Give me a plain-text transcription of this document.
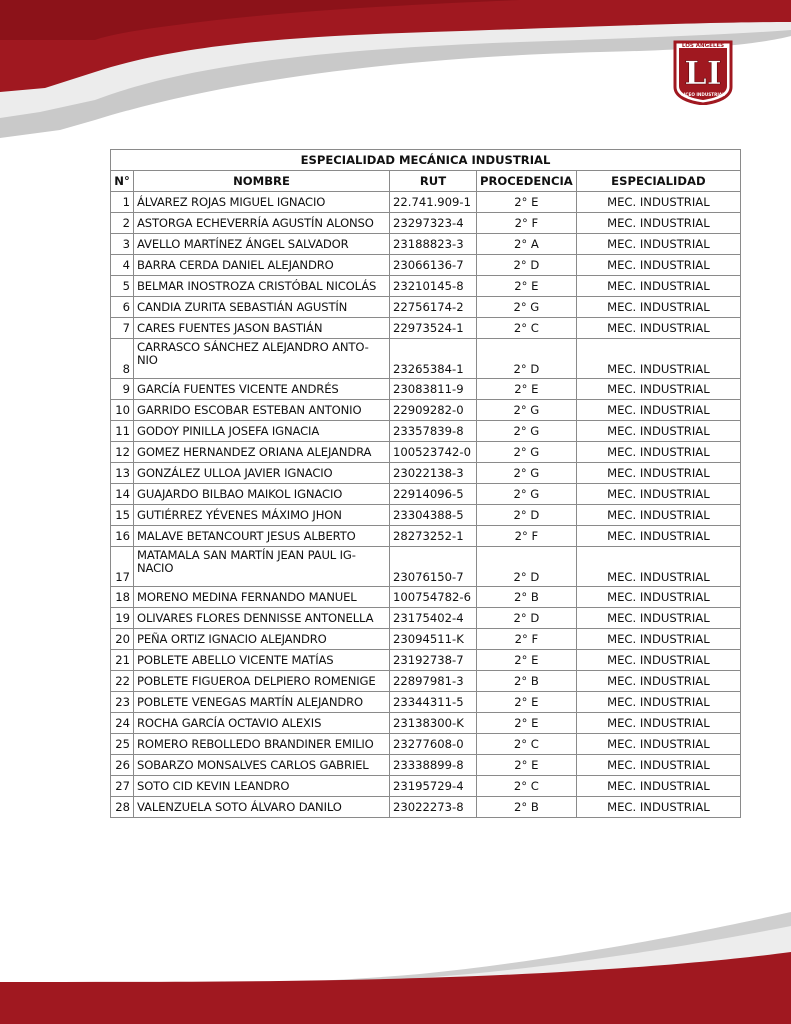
LOS ANGELES
LI
LICEO INDUSTRIAL
ESPECIALIDAD MECÁNICA INDUSTRIAL				
N°	NOMBRE	RUT	PROCEDENCIA	ESPECIALIDAD
1	ÁLVAREZ ROJAS MIGUEL IGNACIO	22.741.909-1	2° E	MEC. INDUSTRIAL
2	ASTORGA ECHEVERRÍA AGUSTÍN ALONSO	23297323-4	2° F	MEC. INDUSTRIAL
3	AVELLO MARTÍNEZ ÁNGEL SALVADOR	23188823-3	2° A	MEC. INDUSTRIAL
4	BARRA CERDA DANIEL ALEJANDRO	23066136-7	2° D	MEC. INDUSTRIAL
5	BELMAR INOSTROZA CRISTÓBAL NICOLÁS	23210145-8	2° E	MEC. INDUSTRIAL
6	CANDIA ZURITA SEBASTIÁN AGUSTÍN	22756174-2	2° G	MEC. INDUSTRIAL
7	CARES FUENTES JASON BASTIÁN	22973524-1	2° C	MEC. INDUSTRIAL
8	CARRASCO SÁNCHEZ ALEJANDRO ANTO-NIO	23265384-1	2° D	MEC. INDUSTRIAL
9	GARCÍA FUENTES VICENTE ANDRÉS	23083811-9	2° E	MEC. INDUSTRIAL
10	GARRIDO ESCOBAR ESTEBAN ANTONIO	22909282-0	2° G	MEC. INDUSTRIAL
11	GODOY PINILLA JOSEFA IGNACIA	23357839-8	2° G	MEC. INDUSTRIAL
12	GOMEZ HERNANDEZ ORIANA ALEJANDRA	100523742-0	2° G	MEC. INDUSTRIAL
13	GONZÁLEZ ULLOA JAVIER IGNACIO	23022138-3	2° G	MEC. INDUSTRIAL
14	GUAJARDO BILBAO MAIKOL IGNACIO	22914096-5	2° G	MEC. INDUSTRIAL
15	GUTIÉRREZ YÉVENES MÁXIMO JHON	23304388-5	2° D	MEC. INDUSTRIAL
16	MALAVE BETANCOURT JESUS ALBERTO	28273252-1	2° F	MEC. INDUSTRIAL
17	MATAMALA SAN MARTÍN JEAN PAUL IG-NACIO	23076150-7	2° D	MEC. INDUSTRIAL
18	MORENO MEDINA FERNANDO MANUEL	100754782-6	2° B	MEC. INDUSTRIAL
19	OLIVARES FLORES DENNISSE ANTONELLA	23175402-4	2° D	MEC. INDUSTRIAL
20	PEÑA ORTIZ IGNACIO ALEJANDRO	23094511-K	2° F	MEC. INDUSTRIAL
21	POBLETE ABELLO VICENTE MATÍAS	23192738-7	2° E	MEC. INDUSTRIAL
22	POBLETE FIGUEROA DELPIERO ROMENIGE	22897981-3	2° B	MEC. INDUSTRIAL
23	POBLETE VENEGAS MARTÍN ALEJANDRO	23344311-5	2° E	MEC. INDUSTRIAL
24	ROCHA GARCÍA OCTAVIO ALEXIS	23138300-K	2° E	MEC. INDUSTRIAL
25	ROMERO REBOLLEDO BRANDINER EMILIO	23277608-0	2° C	MEC. INDUSTRIAL
26	SOBARZO MONSALVES CARLOS GABRIEL	23338899-8	2° E	MEC. INDUSTRIAL
27	SOTO CID KEVIN LEANDRO	23195729-4	2° C	MEC. INDUSTRIAL
28	VALENZUELA SOTO ÁLVARO DANILO	23022273-8	2° B	MEC. INDUSTRIAL
